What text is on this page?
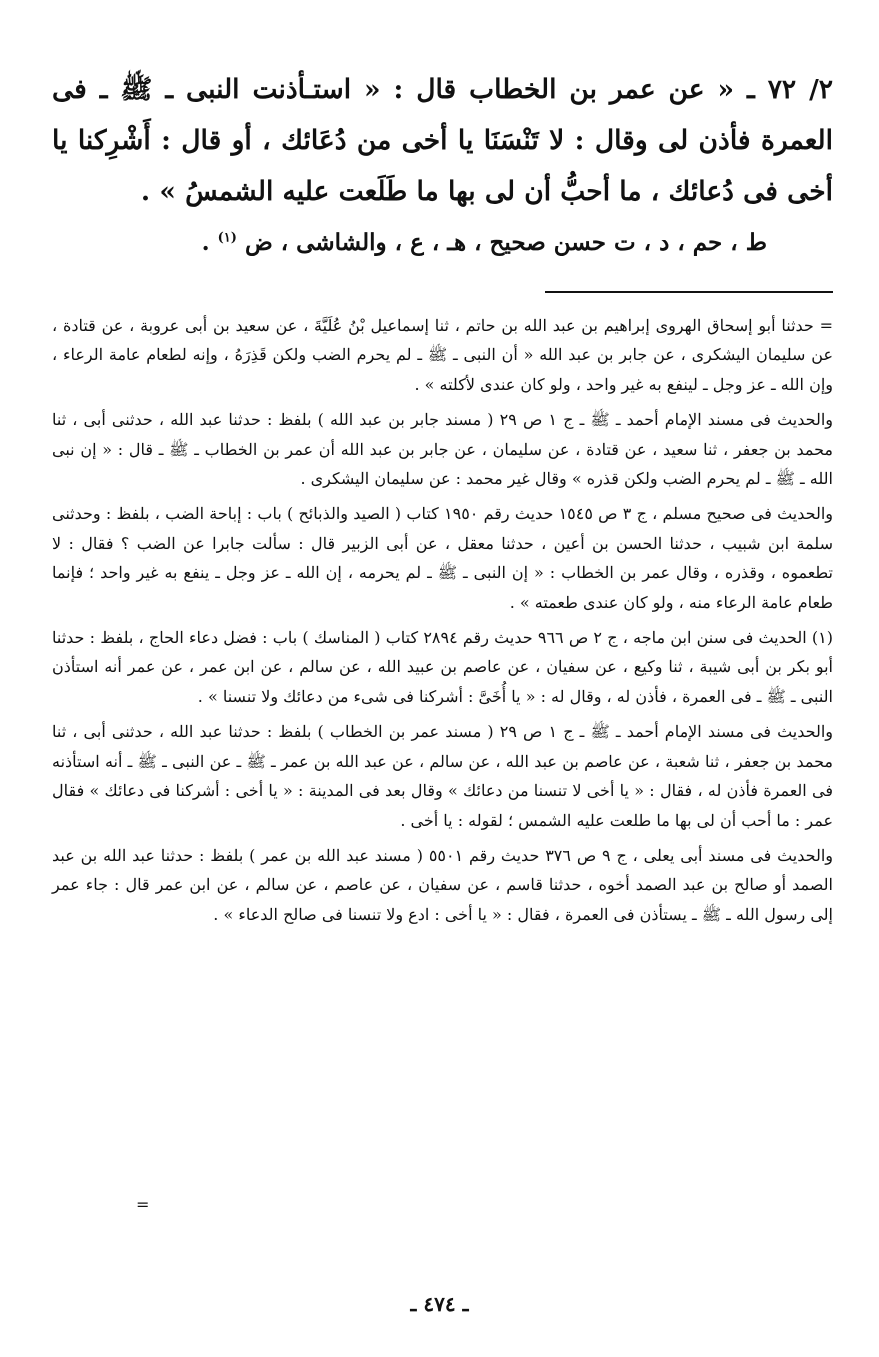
٢/ ٧٢ ـ « عن عمر بن الخطاب قال : « استـأذنت النبى ـ ﷺ ـ فى العمرة فأذن لى وقال : لا تَنْسَنَا يا أخى من دُعَائك ، أو قال : أَشْرِكنا يا أخى فى دُعائك ، ما أحبُّ أن لى بها ما طَلَعت عليه الشمسُ » .

ط ، حم ، د ، ت حسن صحيح ، هـ ، ع ، والشاشى ، ض $^{(١)}$ .

= حدثنا أبو إسحاق الهروى إبراهيم بن عبد الله بن حاتم ، ثنا إسماعيل بْنُ عُلَيَّةَ ، عن سعيد بن أبى عروبة ، عن قتادة ، عن سليمان اليشكرى ، عن جابر بن عبد الله « أن النبى ـ ﷺ ـ لم يحرم الضب ولكن قَذِرَهُ ، وإنه لطعام عامة الرعاء ، وإن الله ـ عز وجل ـ لينفع به غير واحد ، ولو كان عندى لأكلته » .

والحديث فى مسند الإمام أحمد ـ ﷺ ـ ج ١ ص ٢٩ ( مسند جابر بن عبد الله ) بلفظ : حدثنا عبد الله ، حدثنى أبى ، ثنا محمد بن جعفر ، ثنا سعيد ، عن قتادة ، عن سليمان ، عن جابر بن عبد الله أن عمر بن الخطاب ـ ﷺ ـ قال : « إن نبى الله ـ ﷺ ـ لم يحرم الضب ولكن قذره » وقال غير محمد : عن سليمان اليشكرى .

والحديث فى صحيح مسلم ، ج ٣ ص ١٥٤٥ حديث رقم ١٩٥٠ كتاب ( الصيد والذبائح ) باب : إباحة الضب ، بلفظ : وحدثنى سلمة ابن شبيب ، حدثنا الحسن بن أعين ، حدثنا معقل ، عن أبى الزبير قال : سألت جابرا عن الضب ؟ فقال : لا تطعموه ، وقذره ، وقال عمر بن الخطاب : « إن النبى ـ ﷺ ـ لم يحرمه ، إن الله ـ عز وجل ـ ينفع به غير واحد ؛ فإنما طعام عامة الرعاء منه ، ولو كان عندى طعمته » .

(١) الحديث فى سنن ابن ماجه ، ج ٢ ص ٩٦٦ حديث رقم ٢٨٩٤ كتاب ( المناسك ) باب : فضل دعاء الحاج ، بلفظ : حدثنا أبو بكر بن أبى شيبة ، ثنا وكيع ، عن سفيان ، عن عاصم بن عبيد الله ، عن سالم ، عن ابن عمر ، عن عمر أنه استأذن النبى ـ ﷺ ـ فى العمرة ، فأذن له ، وقال له : « يا أُخَىَّ : أشركنا فى شىء من دعائك ولا تنسنا » .

والحديث فى مسند الإمام أحمد ـ ﷺ ـ ج ١ ص ٢٩ ( مسند عمر بن الخطاب ) بلفظ : حدثنا عبد الله ، حدثنى أبى ، ثنا محمد بن جعفر ، ثنا شعبة ، عن عاصم بن عبد الله ، عن سالم ، عن عبد الله بن عمر ـ ﷺ ـ عن النبى ـ ﷺ ـ أنه استأذنه فى العمرة فأذن له ، فقال : « يا أخى لا تنسنا من دعائك » وقال بعد فى المدينة : « يا أخى : أشركنا فى دعائك » فقال عمر : ما أحب أن لى بها ما طلعت عليه الشمس ؛ لقوله : يا أخى .

والحديث فى مسند أبى يعلى ، ج ٩ ص ٣٧٦ حديث رقم ٥٥٠١ ( مسند عبد الله بن عمر ) بلفظ : حدثنا عبد الله بن عبد الصمد أو صالح بن عبد الصمد أخوه ، حدثنا قاسم ، عن سفيان ، عن عاصم ، عن سالم ، عن ابن عمر قال : جاء عمر إلى رسول الله ـ ﷺ ـ يستأذن فى العمرة ، فقال : « يا أخى : ادع ولا تنسنا فى صالح الدعاء » .

=
ـ ٤٧٤ ـ
